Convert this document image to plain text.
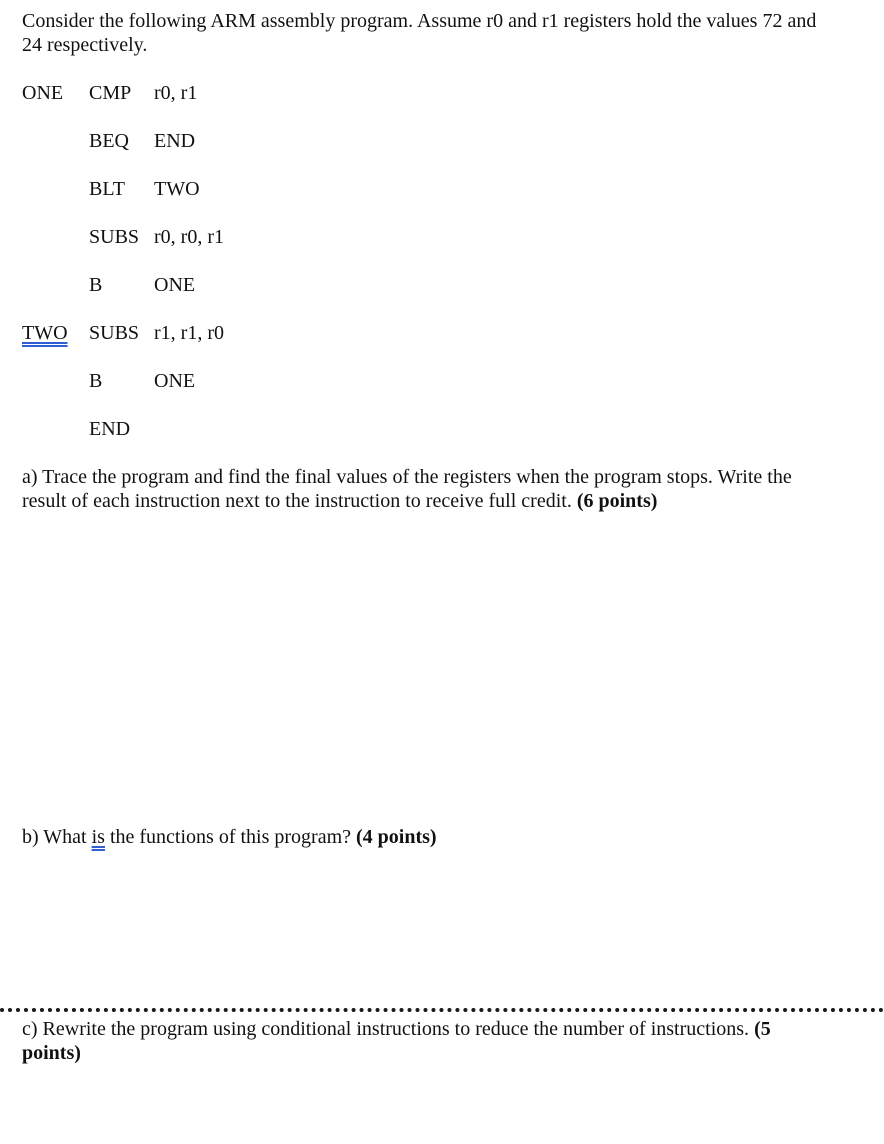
Consider the following ARM assembly program. Assume r0 and r1 registers hold the values 72 and 24 respectively.

ONE CMP r0, r1
BEQ END
BLT TWO
SUBS r0, r0, r1
B	ONE
TWO SUBS r1, r1, r0
B	ONE
END

a) Trace the program and find the final values of the registers when the program stops. Write the result of each instruction next to the instruction to receive full credit. (6 points)

b) What is the functions of this program? (4 points)

c) Rewrite the program using conditional instructions to reduce the number of instructions. (5 points)
